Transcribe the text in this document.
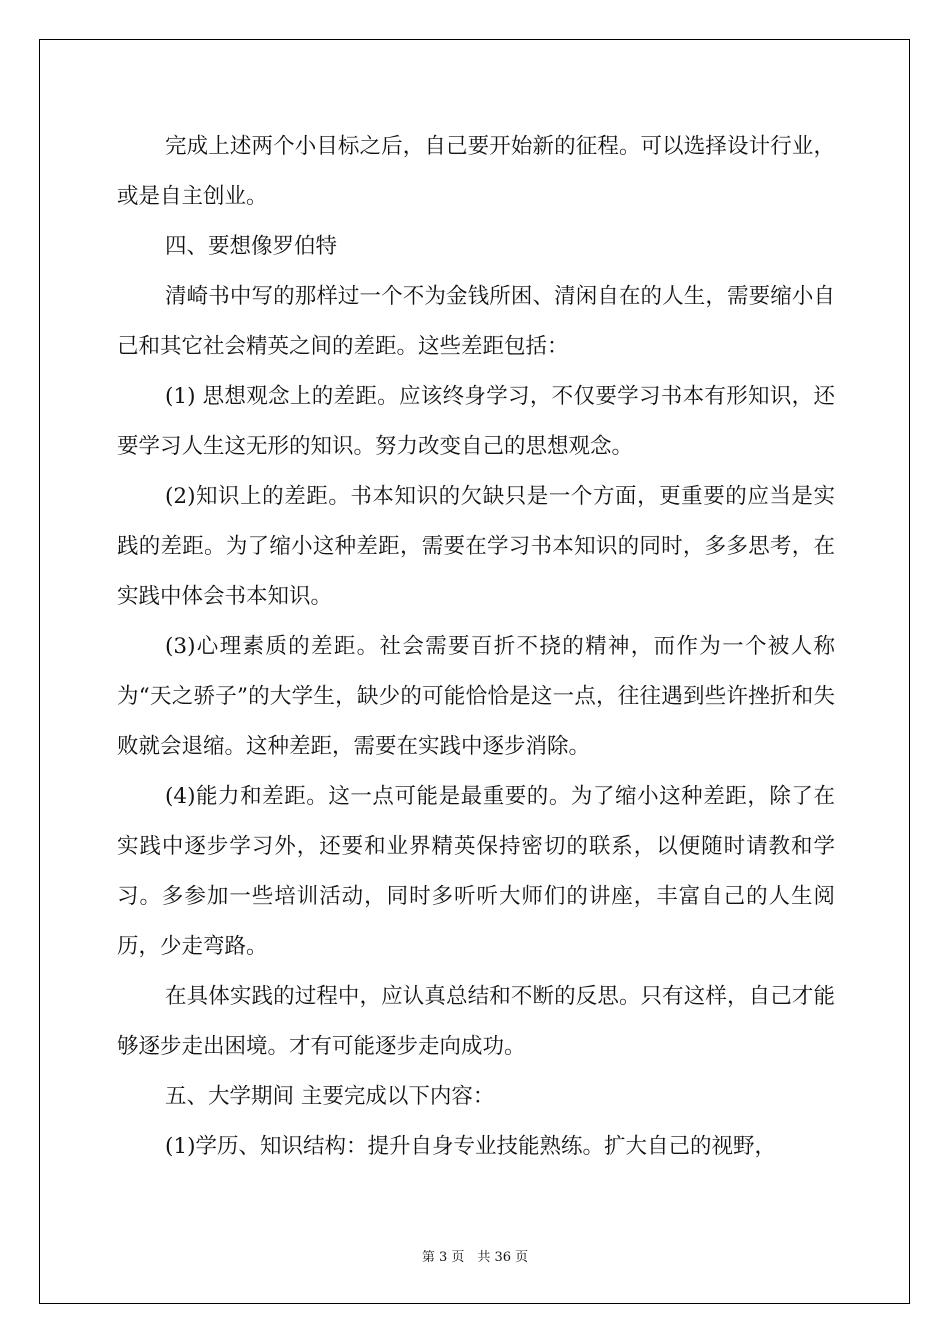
完成上述两个小目标之后，自己要开始新的征程。可以选择设计行业，或是自主创业。

四、要想像罗伯特

清崎书中写的那样过一个不为金钱所困、清闲自在的人生，需要缩小自己和其它社会精英之间的差距。这些差距包括：

(1) 思想观念上的差距。应该终身学习，不仅要学习书本有形知识，还要学习人生这无形的知识。努力改变自己的思想观念。

(2)知识上的差距。书本知识的欠缺只是一个方面，更重要的应当是实践的差距。为了缩小这种差距，需要在学习书本知识的同时，多多思考，在实践中体会书本知识。

(3)心理素质的差距。社会需要百折不挠的精神，而作为一个被人称为“天之骄子”的大学生，缺少的可能恰恰是这一点，往往遇到些许挫折和失败就会退缩。这种差距，需要在实践中逐步消除。

(4)能力和差距。这一点可能是最重要的。为了缩小这种差距，除了在实践中逐步学习外，还要和业界精英保持密切的联系，以便随时请教和学习。多参加一些培训活动，同时多听听大师们的讲座，丰富自己的人生阅历，少走弯路。

在具体实践的过程中，应认真总结和不断的反思。只有这样，自己才能够逐步走出困境。才有可能逐步走向成功。

五、大学期间 主要完成以下内容：

(1)学历、知识结构：提升自身专业技能熟练。扩大自己的视野，

第 3 页　共 36 页
